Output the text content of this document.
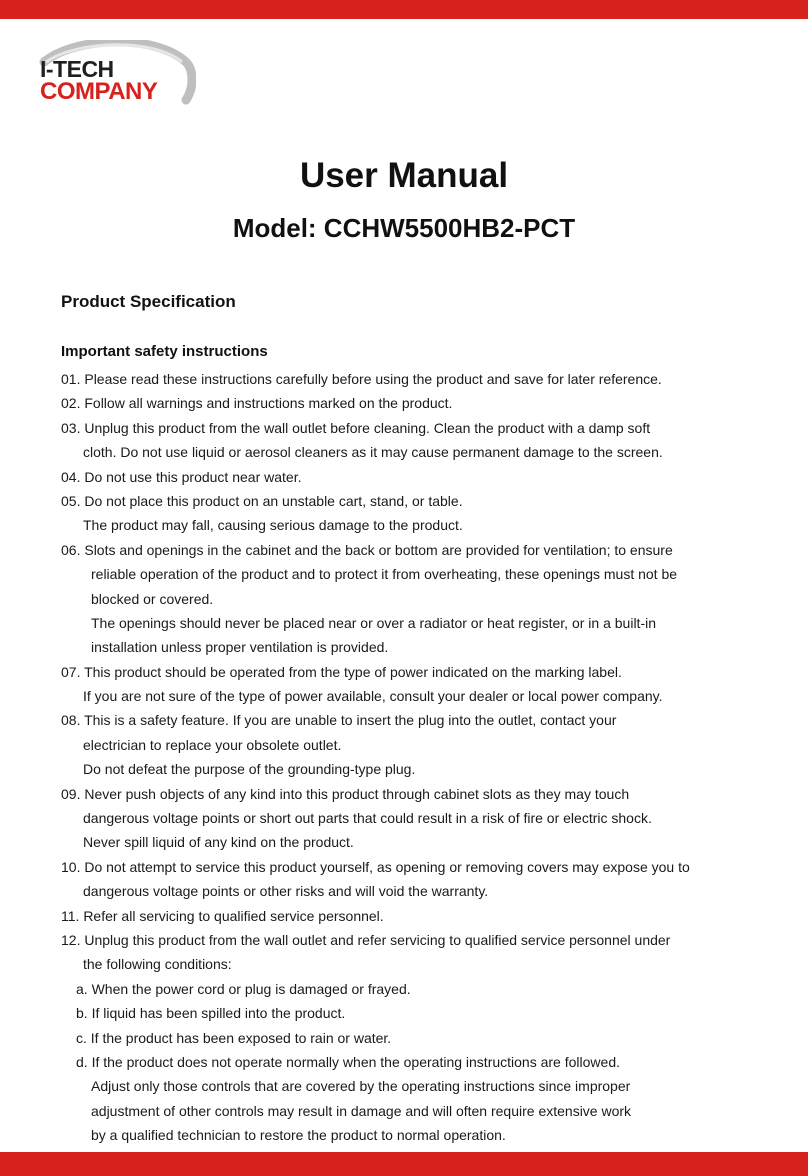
I-TECH
COMPANY
User Manual
Model: CCHW5500HB2-PCT
Product Specification
Important safety instructions
01. Please read these instructions carefully before using the product and save for later reference.
02. Follow all warnings and instructions marked on the product.
03. Unplug this product from the wall outlet before cleaning. Clean the product with a damp soft
cloth. Do not use liquid or aerosol cleaners as it may cause permanent damage to the screen.
04. Do not use this product near water.
05. Do not place this product on an unstable cart, stand, or table.
The product may fall, causing serious damage to the product.
06. Slots and openings in the cabinet and the back or bottom are provided for ventilation; to ensure
reliable operation of the product and to protect it from overheating, these openings must not be
blocked or covered.
The openings should never be placed near or over a radiator or heat register, or in a built-in
installation unless proper ventilation is provided.
07. This product should be operated from the type of power indicated on the marking label.
If you are not sure of the type of power available, consult your dealer or local power company.
08. This is a safety feature. If you are unable to insert the plug into the outlet, contact your
electrician to replace your obsolete outlet.
Do not defeat the purpose of the grounding-type plug.
09. Never push objects of any kind into this product through cabinet slots as they may touch
dangerous voltage points or short out parts that could result in a risk of fire or electric shock.
Never spill liquid of any kind on the product.
10. Do not attempt to service this product yourself, as opening or removing covers may expose you to
dangerous voltage points or other risks and will void the warranty.
11. Refer all servicing to qualified service personnel.
12. Unplug this product from the wall outlet and refer servicing to qualified service personnel under
the following conditions:
a. When the power cord or plug is damaged or frayed.
b. If liquid has been spilled into the product.
c. If the product has been exposed to rain or water.
d. If the product does not operate normally when the operating instructions are followed.
Adjust only those controls that are covered by the operating instructions since improper
adjustment of other controls may result in damage and will often require extensive work
by a qualified technician to restore the product to normal operation.
